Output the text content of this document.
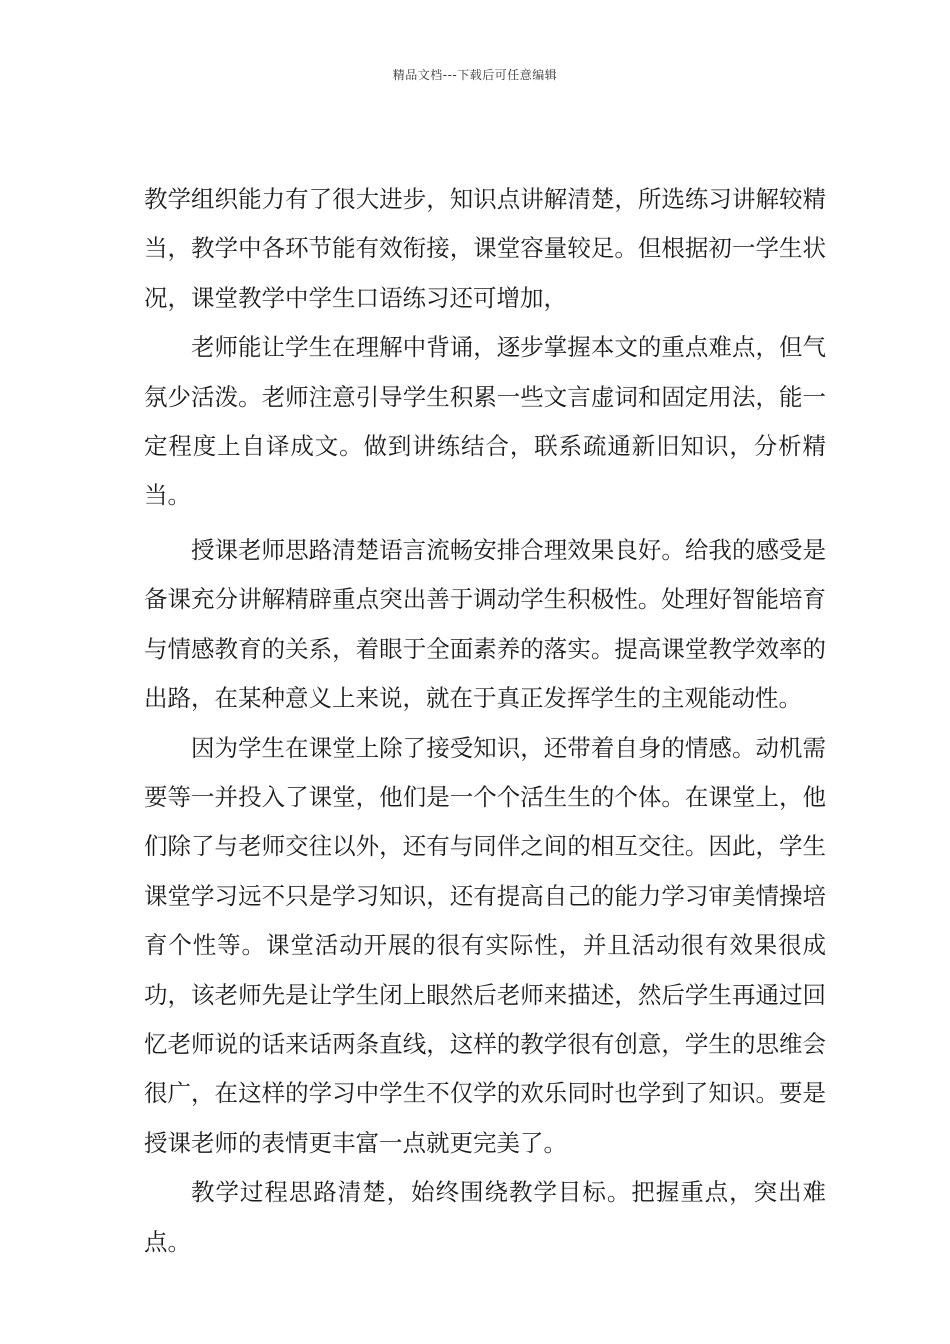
精品文档---下载后可任意编辑

教学组织能力有了很大进步，知识点讲解清楚，所选练习讲解较精当，教学中各环节能有效衔接，课堂容量较足。但根据初一学生状况，课堂教学中学生口语练习还可增加，

老师能让学生在理解中背诵，逐步掌握本文的重点难点，但气氛少活泼。老师注意引导学生积累一些文言虚词和固定用法，能一定程度上自译成文。做到讲练结合，联系疏通新旧知识，分析精当。

授课老师思路清楚语言流畅安排合理效果良好。给我的感受是备课充分讲解精辟重点突出善于调动学生积极性。处理好智能培育与情感教育的关系，着眼于全面素养的落实。提高课堂教学效率的出路，在某种意义上来说，就在于真正发挥学生的主观能动性。

因为学生在课堂上除了接受知识，还带着自身的情感。动机需要等一并投入了课堂，他们是一个个活生生的个体。在课堂上，他们除了与老师交往以外，还有与同伴之间的相互交往。因此，学生课堂学习远不只是学习知识，还有提高自己的能力学习审美情操培育个性等。课堂活动开展的很有实际性，并且活动很有效果很成功，该老师先是让学生闭上眼然后老师来描述，然后学生再通过回忆老师说的话来话两条直线，这样的教学很有创意，学生的思维会很广，在这样的学习中学生不仅学的欢乐同时也学到了知识。要是授课老师的表情更丰富一点就更完美了。

教学过程思路清楚，始终围绕教学目标。把握重点，突出难点。
